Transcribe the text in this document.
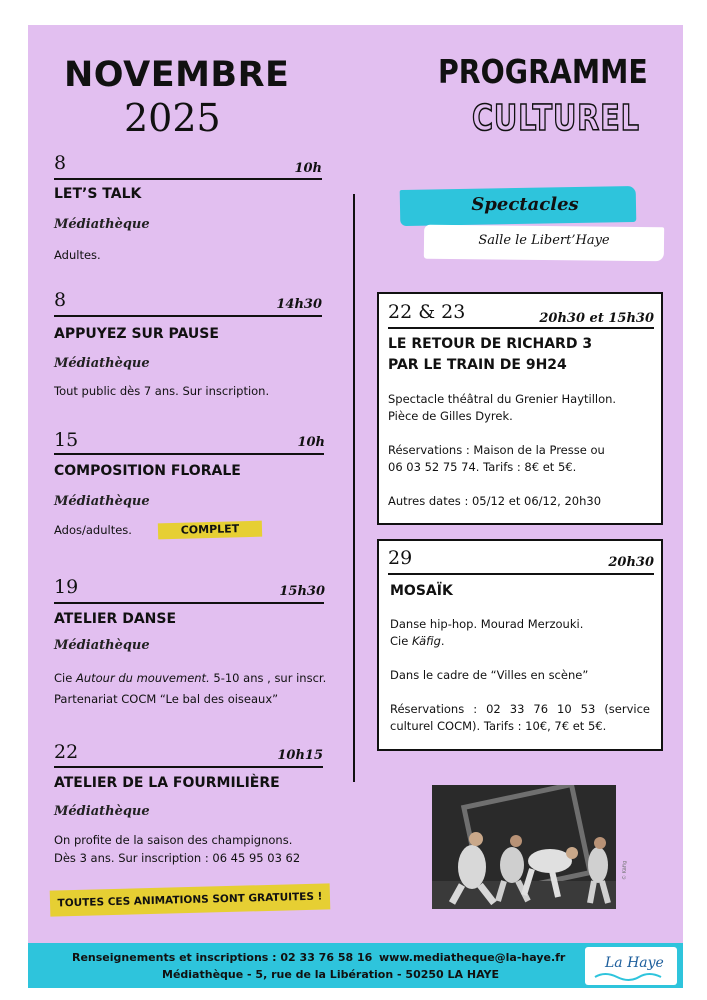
NOVEMBRE
2025
PROGRAMME
CULTUREL
8	10h
LET’S TALK
Médiathèque
Adultes.
8	14h30
APPUYEZ SUR PAUSE
Médiathèque
Tout public dès 7 ans. Sur inscription.
15	10h
COMPOSITION FLORALE
Médiathèque
Ados/adultes.	COMPLET
19	15h30
ATELIER DANSE
Médiathèque
Cie Autour du mouvement. 5-10 ans , sur inscr.
Partenariat COCM “Le bal des oiseaux”
22	10h15
ATELIER DE LA FOURMILIÈRE
Médiathèque
On profite de la saison des champignons.
Dès 3 ans. Sur inscription : 06 45 95 03 62
TOUTES CES ANIMATIONS SONT GRATUITES !
Spectacles
Salle le Libert’Haye
22 & 23	20h30 et 15h30
LE RETOUR DE RICHARD 3
PAR LE TRAIN DE 9H24
Spectacle théâtral du Grenier Haytillon.
Pièce de Gilles Dyrek.
Réservations : Maison de la Presse ou
06 03 52 75 74. Tarifs : 8€ et 5€.
Autres dates : 05/12 et 06/12, 20h30
29	20h30
MOSAÏK
Danse hip-hop. Mourad Merzouki.
Cie Käfig.
Dans le cadre de “Villes en scène”
Réservations : 02 33 76 10 53 (service
culturel COCM). Tarifs : 10€, 7€ et 5€.
© Käfig
Renseignements et inscriptions : 02 33 76 58 16 www.mediatheque@la-haye.fr
Médiathèque - 5, rue de la Libération - 50250 LA HAYE
La Haye
